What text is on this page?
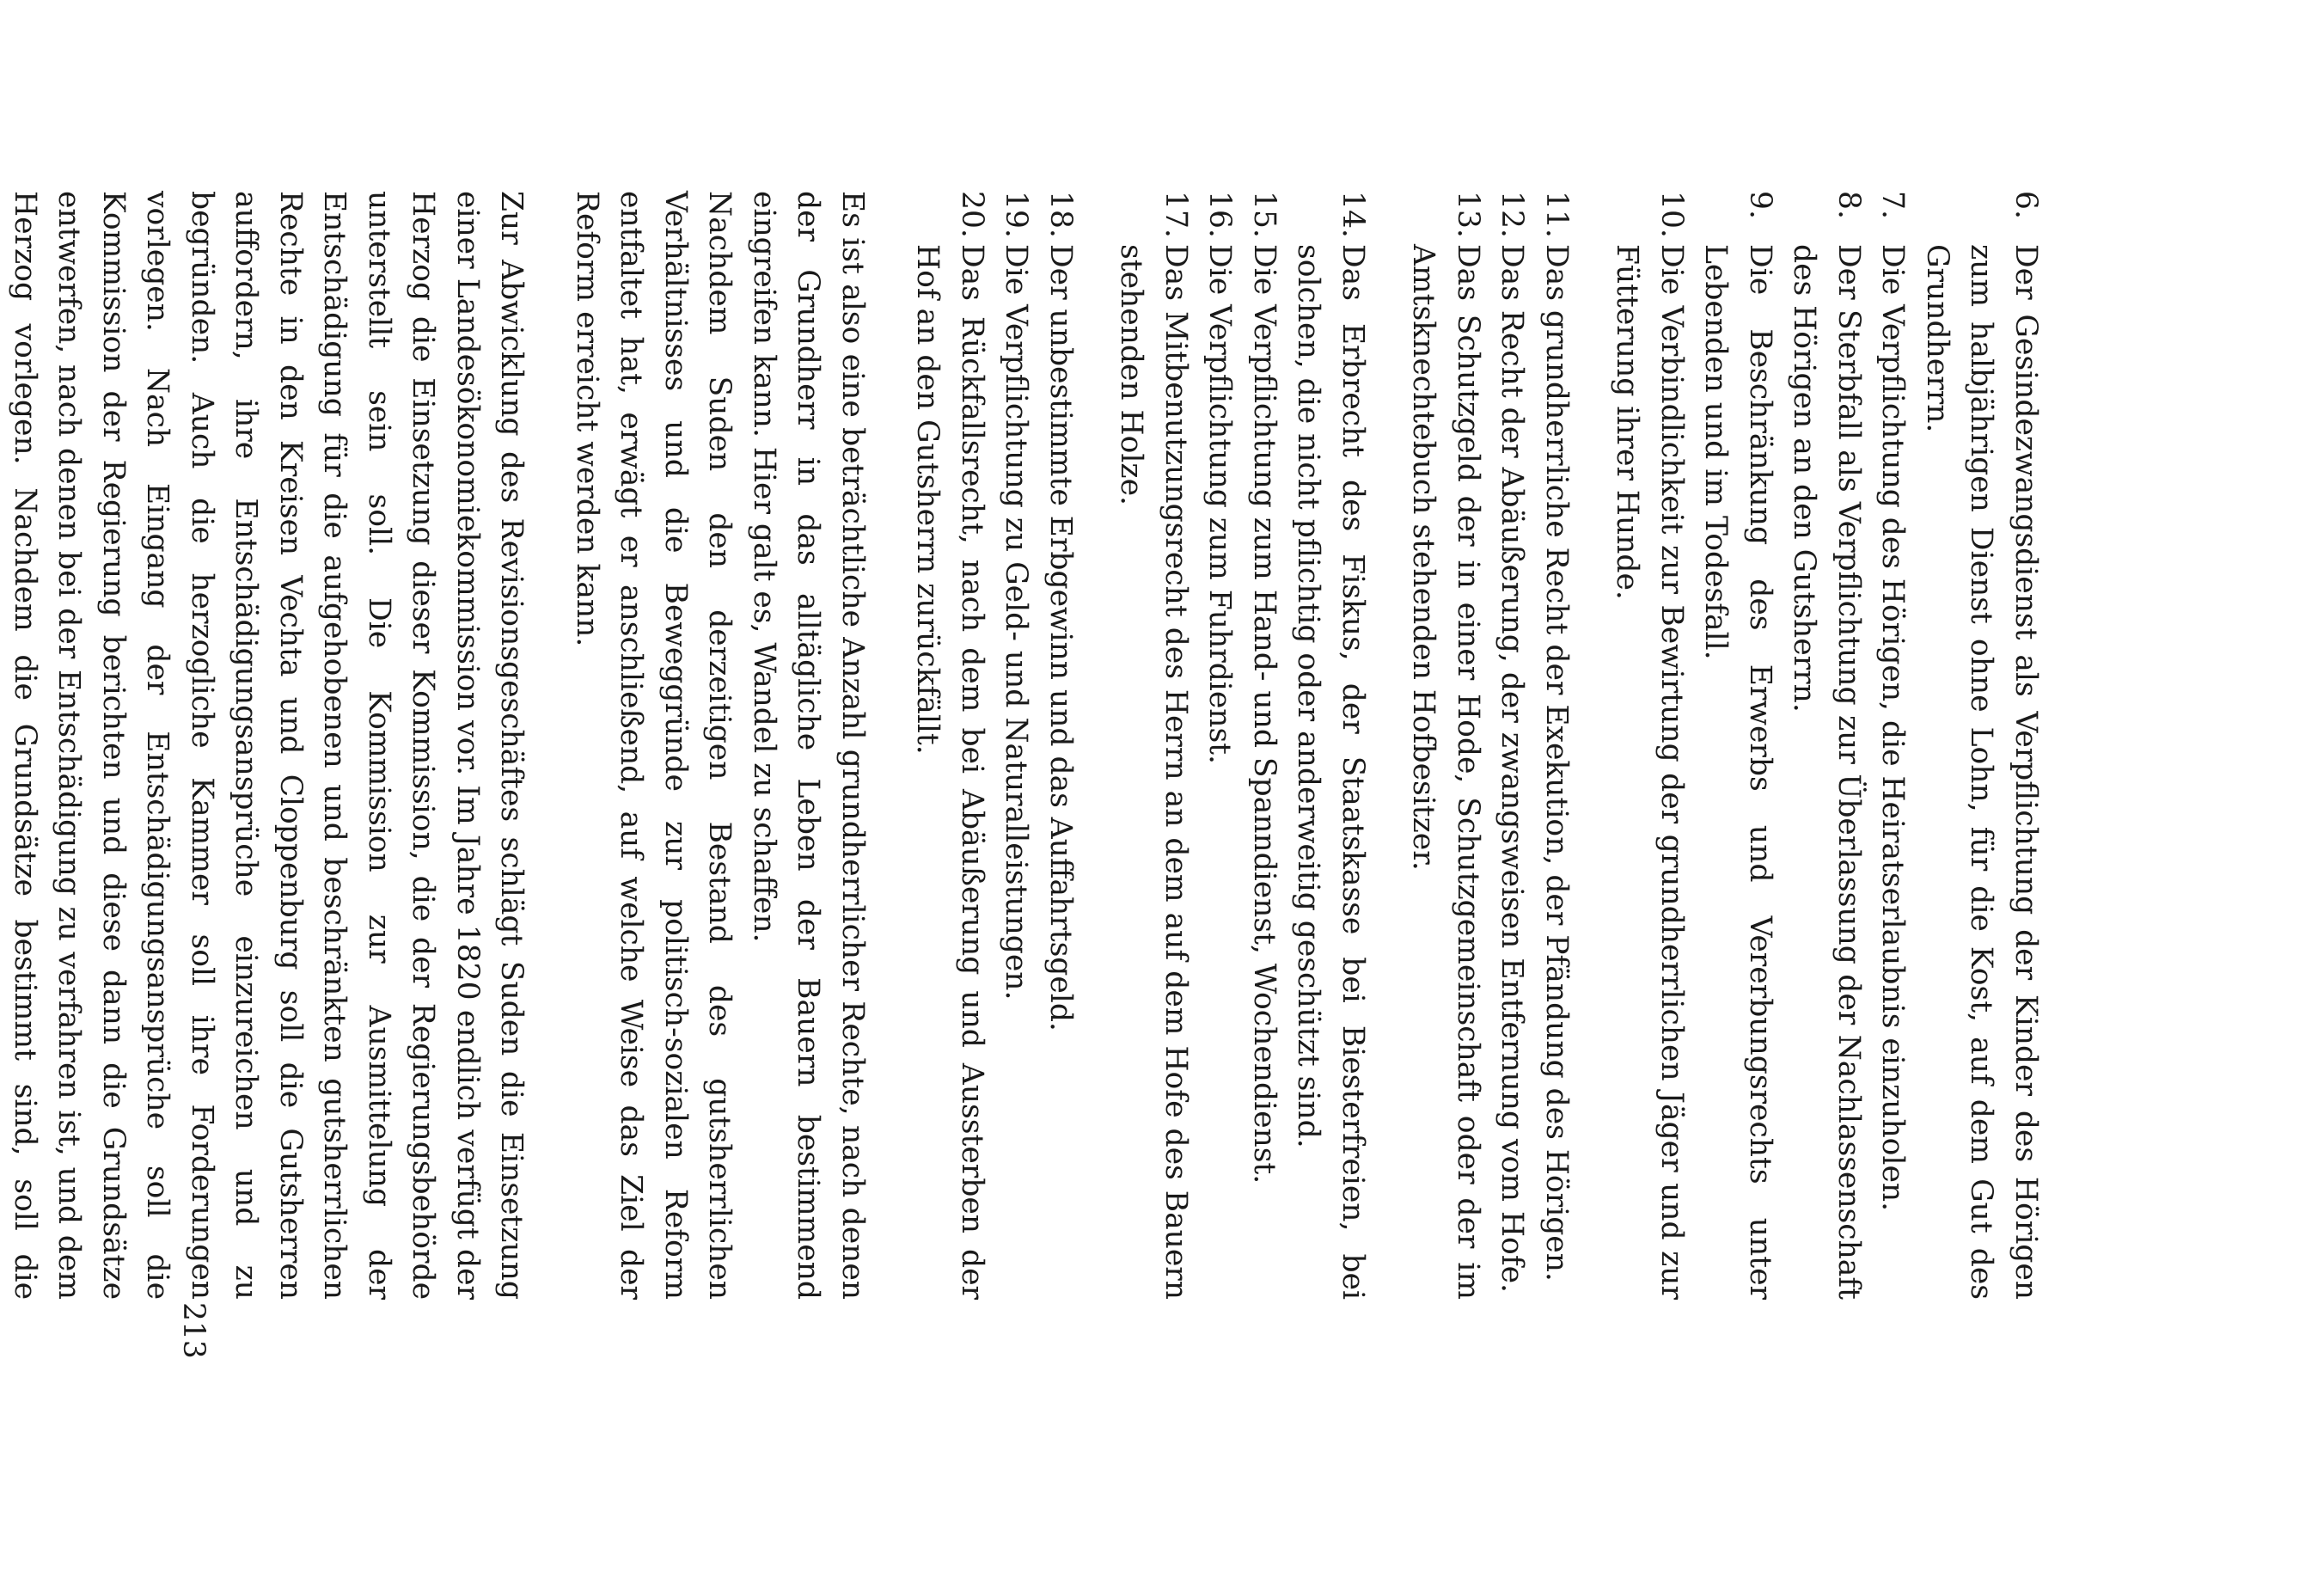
6.
Der Gesindezwangsdienst als Verpflichtung der Kinder des Hörigen zum halbjährigen Dienst ohne Lohn, für die Kost, auf dem Gut des Grundherrn.
7.
Die Verpflichtung des Hörigen, die Heiratserlaubnis einzuholen.
8.
Der Sterbfall als Verpflichtung zur Überlassung der Nachlassenschaft des Hörigen an den Gutsherrn.
9.
Die Beschränkung des Erwerbs und Vererbungsrechts unter Lebenden und im Todesfall.
10.
Die Verbindlichkeit zur Bewirtung der grundherrlichen Jäger und zur Fütterung ihrer Hunde.
11.
Das grundherrliche Recht der Exekution, der Pfändung des Hörigen.
12.
Das Recht der Abäußerung, der zwangsweisen Entfernung vom Hofe.
13.
Das Schutzgeld der in einer Hode, Schutzgemeinschaft oder der im Amtsknechtebuch stehenden Hofbesitzer.
14.
Das Erbrecht des Fiskus, der Staatskasse bei Biesterfreien, bei solchen, die nicht pflichtig oder anderweitig geschützt sind.
15.
Die Verpflichtung zum Hand- und Spanndienst, Wochendienst.
16.
Die Verpflichtung zum Fuhrdienst.
17.
Das Mitbenutzungsrecht des Herrn an dem auf dem Hofe des Bauern stehenden Holze.
18.
Der unbestimmte Erbgewinn und das Auffahrtsgeld.
19.
Die Verpflichtung zu Geld- und Naturalleistungen.
20.
Das Rückfallsrecht, nach dem bei Abäußerung und Aussterben der Hof an den Gutsherrn zurückfällt.

Es ist also eine beträchtliche Anzahl grundherrlicher Rechte, nach denen der Grundherr in das alltägliche Leben der Bauern bestimmend eingreifen kann. Hier galt es, Wandel zu schaffen.

Nachdem Suden den derzeitigen Bestand des gutsherrlichen Verhältnisses und die Beweggründe zur politisch-sozialen Reform entfaltet hat, erwägt er anschließend, auf welche Weise das Ziel der Reform erreicht werden kann.

Zur Abwicklung des Revisionsgeschäftes schlägt Suden die Einsetzung einer Landesökonomiekommission vor. Im Jahre 1820 endlich verfügt der Herzog die Einsetzung dieser Kommission, die der Regierungsbehörde unterstellt sein soll. Die Kommission zur Ausmittelung der Entschädigung für die aufgehobenen und beschränkten gutsherrlichen Rechte in den Kreisen Vechta und Cloppenburg soll die Gutsherren auffordern, ihre Entschädigungsansprüche einzureichen und zu begründen. Auch die herzogliche Kammer soll ihre Forderungen vorlegen. Nach Eingang der Entschädigungsansprüche soll die Kommission der Regierung berichten und diese dann die Grundsätze entwerfen, nach denen bei der Entschädigung zu verfahren ist, und dem Herzog vorlegen. Nachdem die Grundsätze bestimmt sind, soll die

213
